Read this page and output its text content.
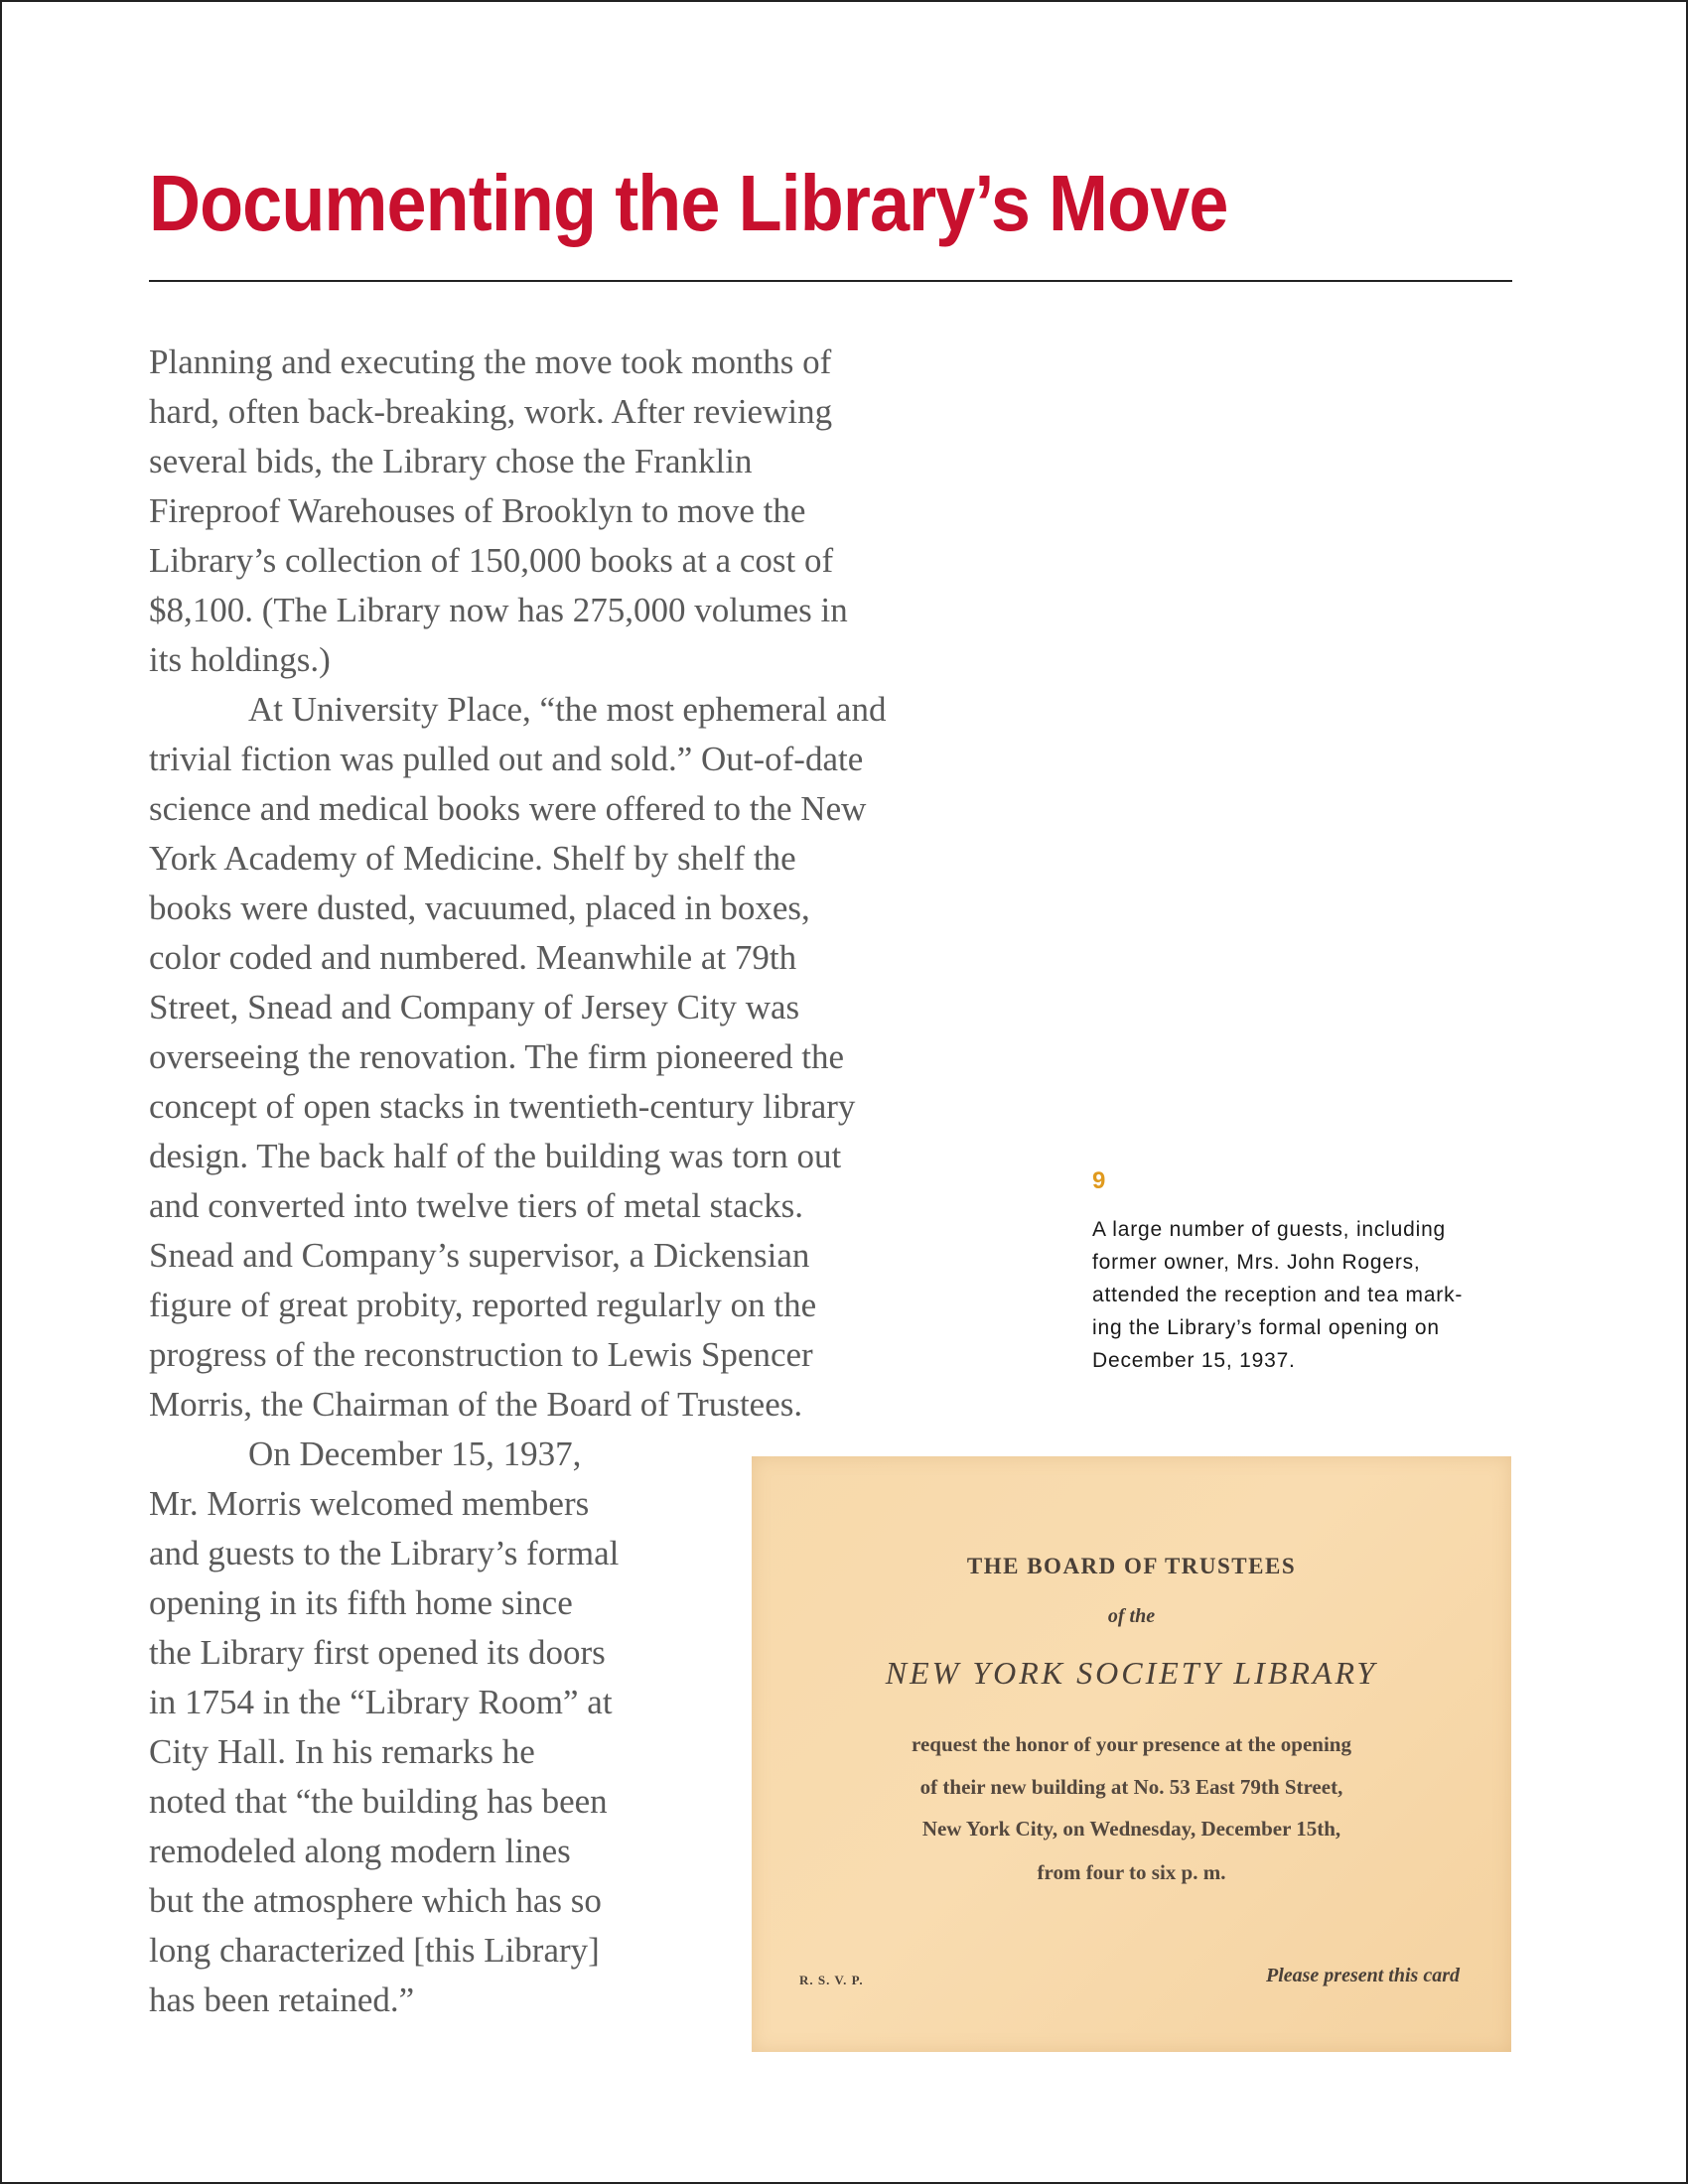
Documenting the Library’s Move
Planning and executing the move took months of
hard, often back-breaking, work. After reviewing
several bids, the Library chose the Franklin
Fireproof Warehouses of Brooklyn to move the
Library’s collection of 150,000 books at a cost of
$8,100. (The Library now has 275,000 volumes in
its holdings.)
At University Place, “the most ephemeral and
trivial fiction was pulled out and sold.” Out-of-date
science and medical books were offered to the New
York Academy of Medicine. Shelf by shelf the
books were dusted, vacuumed, placed in boxes,
color coded and numbered. Meanwhile at 79th
Street, Snead and Company of Jersey City was
overseeing the renovation. The firm pioneered the
concept of open stacks in twentieth-century library
design. The back half of the building was torn out
and converted into twelve tiers of metal stacks.
Snead and Company’s supervisor, a Dickensian
figure of great probity, reported regularly on the
progress of the reconstruction to Lewis Spencer
Morris, the Chairman of the Board of Trustees.
On December 15, 1937,
Mr. Morris welcomed members
and guests to the Library’s formal
opening in its fifth home since
the Library first opened its doors
in 1754 in the “Library Room” at
City Hall. In his remarks he
noted that “the building has been
remodeled along modern lines
but the atmosphere which has so
long characterized [this Library]
has been retained.”
9
A large number of guests, including
former owner, Mrs. John Rogers,
attended the reception and tea mark-
ing the Library’s formal opening on
December 15, 1937.
THE BOARD OF TRUSTEES
of the
NEW YORK SOCIETY LIBRARY
request the honor of your presence at the opening
of their new building at No. 53 East 79th Street,
New York City, on Wednesday, December 15th,
from four to six p. m.
R. S. V. P.	Please present this card
